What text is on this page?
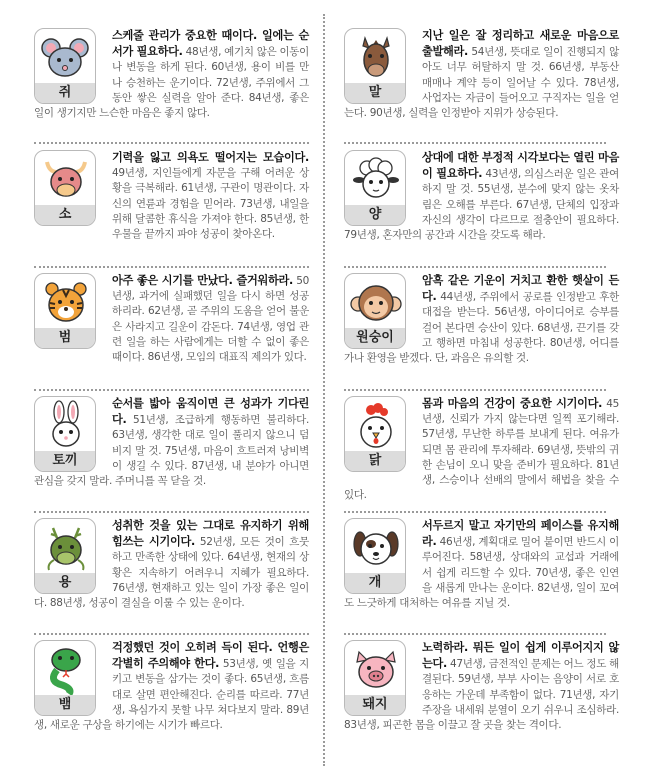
스케줄 관리가 중요한 때이다. 일에는 순서가 필요하다. 48년생, 예기치 않은 이동이나 변동을 하게 된다. 60년생, 용이 비를 만나 승천하는 운기이다. 72년생, 주위에서 그 동안 쌓은 실력을 알아 준다. 84년생, 좋은 일이 생기지만 느슨한 마음은 좋지 않다.
쥐
지난 일은 잘 정리하고 새로운 마음으로 출발해라. 54년생, 뜻대로 일이 진행되지 않아도 너무 허탈하지 말 것. 66년생, 부동산 매매나 계약 등이 일어날 수 있다. 78년생, 사업자는 자금이 들어오고 구직자는 일을 얻는다. 90년생, 실력을 인정받아 지위가 상승된다.
말
기력을 잃고 의욕도 떨어지는 모습이다. 49년생, 지인들에게 자문을 구해 어려운 상황을 극복해라. 61년생, 구관이 명관이다. 자신의 연륜과 경험을 믿어라. 73년생, 내일을 위해 달콤한 휴식을 가져야 한다. 85년생, 한 우물을 끝까지 파야 성공이 찾아온다.
소
상대에 대한 부정적 시각보다는 열린 마음이 필요하다. 43년생, 의심스러운 일은 관여하지 말 것. 55년생, 분수에 맞지 않는 옷차림은 오해를 부른다. 67년생, 단체의 입장과 자신의 생각이 다르므로 절충안이 필요하다. 79년생, 혼자만의 공간과 시간을 갖도록 해라.
양
아주 좋은 시기를 만났다. 즐거워하라. 50년생, 과거에 실패했던 일을 다시 하면 성공하리라. 62년생, 곧 주위의 도움을 얻어 불운은 사라지고 길운이 감돈다. 74년생, 영업 관련 일을 하는 사람에게는 더할 수 없이 좋은 때이다. 86년생, 모임의 대표직 제의가 있다.
범
암흑 같은 기운이 거치고 환한 햇살이 든다. 44년생, 주위에서 공로를 인정받고 후한 대접을 받는다. 56년생, 아이디어로 승부를 걸어 본다면 승산이 있다. 68년생, 끈기를 갖고 행하면 마침내 성공한다. 80년생, 어디를 가나 환영을 받겠다. 단, 과음은 유의할 것.
원숭이
순서를 밟아 움직이면 큰 성과가 기다린다. 51년생, 조급하게 행동하면 불리하다. 63년생, 생각한 대로 일이 풀리지 않으니 덤비지 말 것. 75년생, 마음이 흐트러져 낭비벽이 생길 수 있다. 87년생, 내 분야가 아니면 관심을 갖지 말라. 주머니를 꼭 닫을 것.
토끼
몸과 마음의 건강이 중요한 시기이다. 45년생, 신뢰가 가지 않는다면 일찍 포기해라. 57년생, 무난한 하루를 보내게 된다. 여유가 되면 몸 관리에 투자해라. 69년생, 뜻밖의 귀한 손님이 오니 맞을 준비가 필요하다. 81년생, 스승이나 선배의 말에서 해법을 찾을 수 있다.
닭
성취한 것을 있는 그대로 유지하기 위해 힘쓰는 시기이다. 52년생, 모든 것이 흐뭇하고 만족한 상태에 있다. 64년생, 현재의 상황은 지속하기 어려우니 지혜가 필요하다. 76년생, 현재하고 있는 일이 가장 좋은 일이다. 88년생, 성공이 결실을 이룰 수 있는 운이다.
용
서두르지 말고 자기만의 페이스를 유지해라. 46년생, 계획대로 밀어 붙이면 반드시 이루어진다. 58년생, 상대와의 교섭과 거래에서 쉽게 리드할 수 있다. 70년생, 좋은 인연을 새롭게 만나는 운이다. 82년생, 일이 꼬여도 느긋하게 대처하는 여유를 지닐 것.
개
걱정했던 것이 오히려 득이 된다. 언행은 각별히 주의해야 한다. 53년생, 옛 일을 지키고 변동을 삼가는 것이 좋다. 65년생, 흐름대로 살면 편안해진다. 순리를 따르라. 77년생, 욕심가지 못할 나무 쳐다보지 말라. 89년생, 새로운 구상을 하기에는 시기가 빠르다.
뱀
노력하라. 뭐든 일이 쉽게 이루어지지 않는다. 47년생, 금전적인 문제는 어느 정도 해결된다. 59년생, 부부 사이는 음양이 서로 호응하는 가운데 부족함이 없다. 71년생, 자기주장을 내세워 분열이 오기 쉬우니 조심하라. 83년생, 피곤한 몸을 이끌고 잘 곳을 찾는 격이다.
돼지
